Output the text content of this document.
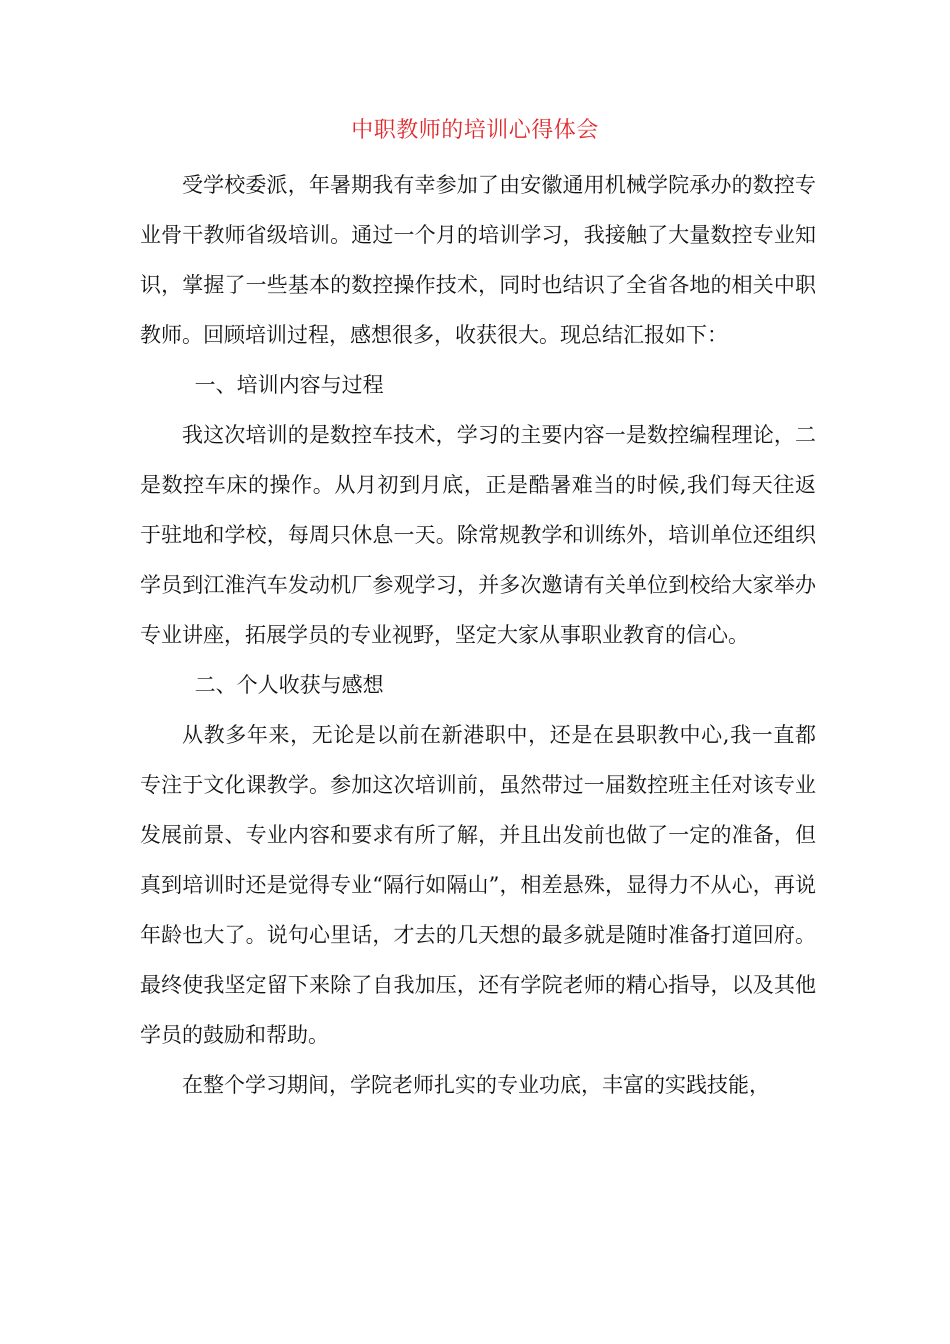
中职教师的培训心得体会

受学校委派，年暑期我有幸参加了由安徽通用机械学院承办的数控专业骨干教师省级培训。通过一个月的培训学习，我接触了大量数控专业知识，掌握了一些基本的数控操作技术，同时也结识了全省各地的相关中职教师。回顾培训过程，感想很多，收获很大。现总结汇报如下：

一、培训内容与过程

我这次培训的是数控车技术，学习的主要内容一是数控编程理论，二是数控车床的操作。从月初到月底，正是酷暑难当的时候,我们每天往返于驻地和学校，每周只休息一天。除常规教学和训练外，培训单位还组织学员到江淮汽车发动机厂参观学习，并多次邀请有关单位到校给大家举办专业讲座，拓展学员的专业视野，坚定大家从事职业教育的信心。

二、个人收获与感想

从教多年来，无论是以前在新港职中，还是在县职教中心,我一直都专注于文化课教学。参加这次培训前，虽然带过一届数控班主任对该专业发展前景、专业内容和要求有所了解，并且出发前也做了一定的准备，但真到培训时还是觉得专业“隔行如隔山”，相差悬殊，显得力不从心，再说年龄也大了。说句心里话，才去的几天想的最多就是随时准备打道回府。最终使我坚定留下来除了自我加压，还有学院老师的精心指导，以及其他学员的鼓励和帮助。

在整个学习期间，学院老师扎实的专业功底，丰富的实践技能，
